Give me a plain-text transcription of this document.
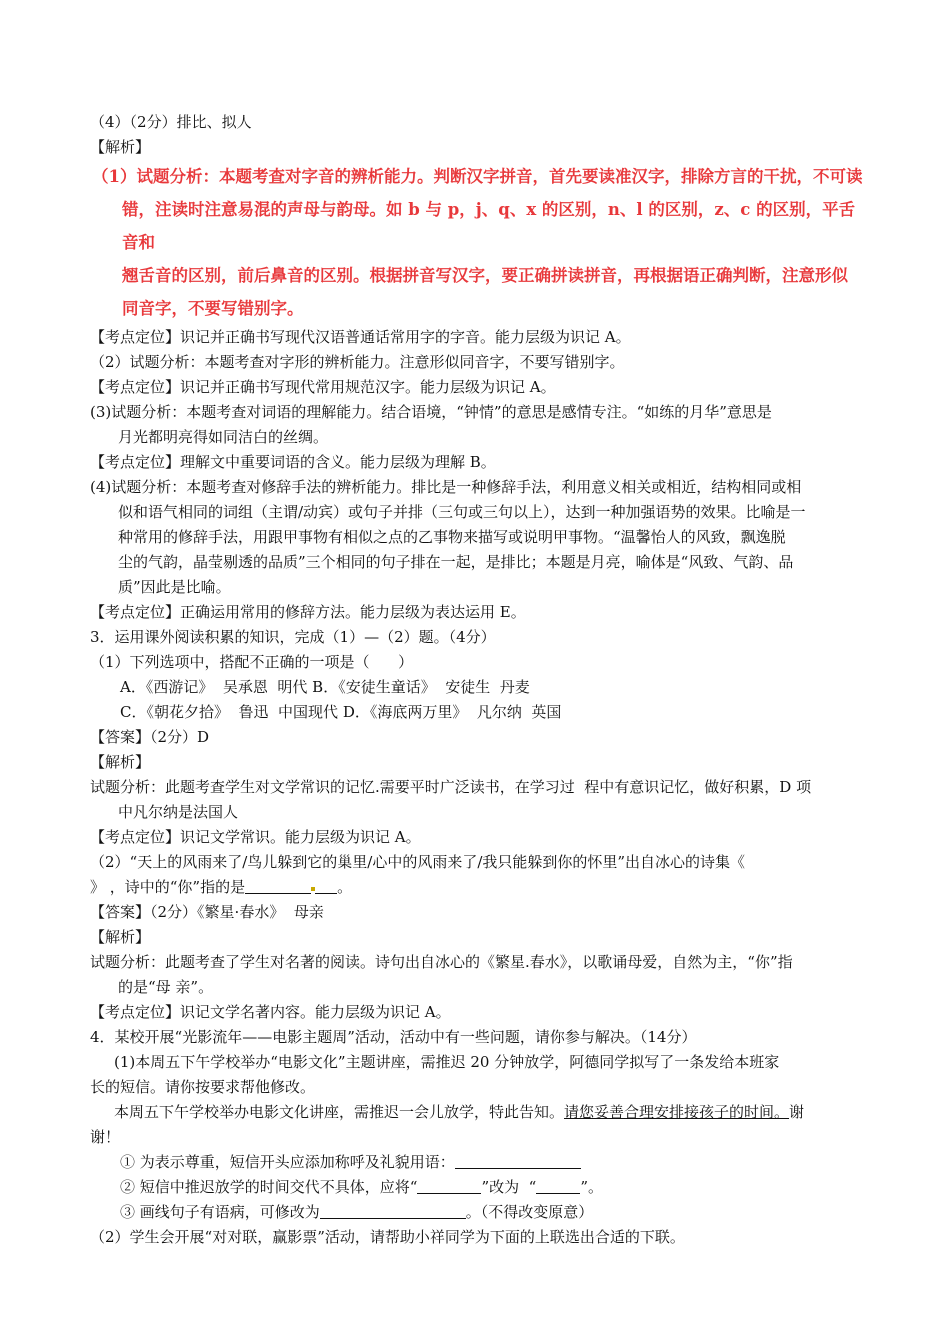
（4）（2分）排比、拟人
【解析】
（1）试题分析：本题考查对字音的辨析能力。判断汉字拼音，首先要读准汉字，排除方言的干扰，不可读
错，注读时注意易混的声母与韵母。如 b 与 p，j、q、x 的区别，n、l 的区别，z、c 的区别，平舌音和
翘舌音的区别，前后鼻音的区别。根据拼音写汉字，要正确拼读拼音，再根据语正确判断，注意形似
同音字，不要写错别字。
【考点定位】识记并正确书写现代汉语普通话常用字的字音。能力层级为识记 A。
（2）试题分析：本题考查对字形的辨析能力。注意形似同音字，不要写错别字。
【考点定位】识记并正确书写现代常用规范汉字。能力层级为识记 A。
(3)试题分析：本题考查对词语的理解能力。结合语境，“钟情”的意思是感情专注。“如练的月华”意思是
月光都明亮得如同洁白的丝绸。
【考点定位】理解文中重要词语的含义。能力层级为理解 B。
(4)试题分析：本题考查对修辞手法的辨析能力。排比是一种修辞手法，利用意义相关或相近，结构相同或相
似和语气相同的词组（主谓/动宾）或句子并排（三句或三句以上），达到一种加强语势的效果。比喻是一
种常用的修辞手法，用跟甲事物有相似之点的乙事物来描写或说明甲事物。“温馨怡人的风致，飘逸脱
尘的气韵，晶莹剔透的品质”三个相同的句子排在一起，是排比；本题是月亮，喻体是“风致、气韵、品
质”因此是比喻。
【考点定位】正确运用常用的修辞方法。能力层级为表达运用 E。
3．运用课外阅读积累的知识，完成（1）—（2）题。（4分）
（1）下列选项中，搭配不正确的一项是（      ）
A．《西游记》  吴承恩  明代 B．《安徒生童话》  安徒生  丹麦
C．《朝花夕拾》  鲁迅  中国现代 D．《海底两万里》  凡尔纳  英国
【答案】（2分）D
【解析】
试题分析：此题考查学生对文学常识的记忆.需要平时广泛读书，在学习过  程中有意识记忆，做好积累，D 项
中凡尔纳是法国人
【考点定位】识记文学常识。能力层级为识记 A。
（2）“天上的风雨来了/鸟儿躲到它的巢里/心中的风雨来了/我只能躲到你的怀里”出自冰心的诗集《
》 ，诗中的“你”指的是	。
【答案】（2分）《繁星·春水》  母亲
【解析】
试题分析：此题考查了学生对名著的阅读。诗句出自冰心的《繁星.春水》，以歌诵母爱，自然为主，“你”指
的是“母 亲”。
【考点定位】识记文学名著内容。能力层级为识记 A。
4．某校开展“光影流年——电影主题周”活动，活动中有一些问题，请你参与解决。（14分）
(1)本周五下午学校举办“电影文化”主题讲座，需推迟 20 分钟放学，阿德同学拟写了一条发给本班家
长的短信。请你按要求帮他修改。
本周五下午学校举办电影文化讲座，需推迟一会儿放学，特此告知。请您妥善合理安排接孩子的时间。谢
谢！
① 为表示尊重，短信开头应添加称呼及礼貌用语：
② 短信中推迟放学的时间交代不具体，应将“	”改为  “	”。
③ 画线句子有语病，可修改为	。（不得改变原意）
（2）学生会开展“对对联，赢影票”活动，请帮助小祥同学为下面的上联选出合适的下联。
